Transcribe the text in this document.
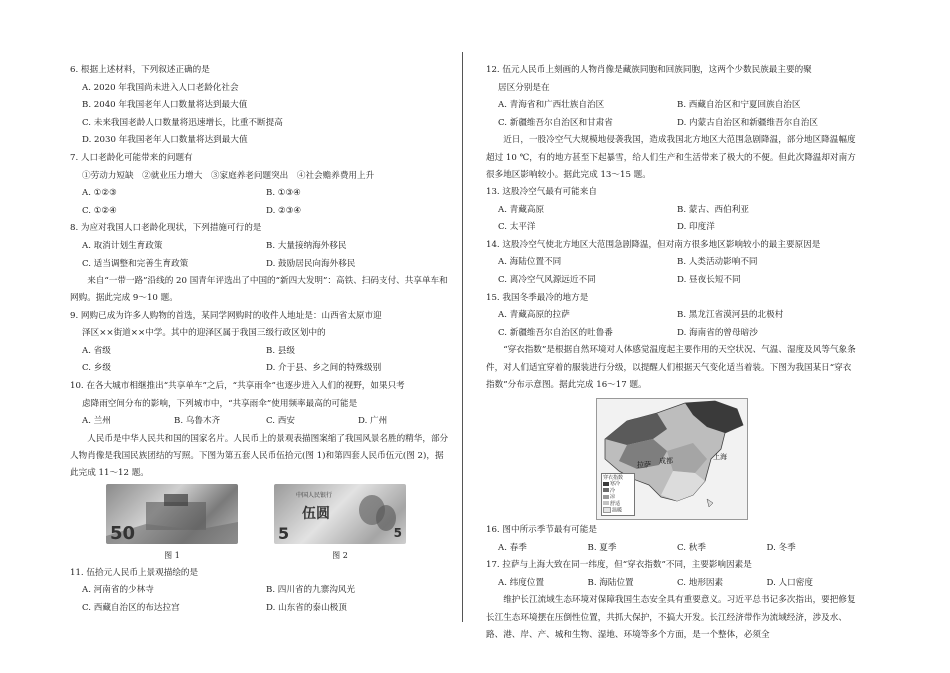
6. 根据上述材料，下列叙述正确的是

A. 2020 年我国尚未进入人口老龄化社会

B. 2040 年我国老年人口数量将达到最大值

C. 未来我国老龄人口数量将迅速增长，比重不断提高

D. 2030 年我国老年人口数量将达到最大值

7. 人口老龄化可能带来的问题有

①劳动力短缺　②就业压力增大　③家庭养老问题突出　④社会赡养费用上升

A. ①②③	B. ①③④
C. ①②④	D. ②③④

8. 为应对我国人口老龄化现状，下列措施可行的是

A. 取消计划生育政策	B. 大量接纳海外移民
C. 适当调整和完善生育政策	D. 鼓励居民向海外移民

来自“一带一路”沿线的 20 国青年评选出了中国的“新四大发明”：高铁、扫码支付、共享单车和网购。据此完成 9～10 题。

9. 网购已成为许多人购物的首选，某同学网购时的收件人地址是：山西省太原市迎

泽区××街道××中学。其中的迎泽区属于我国三级行政区划中的

A. 省级	B. 县级
C. 乡级	D. 介于县、乡之间的特殊级别

10. 在各大城市相继推出“共享单车”之后，“共享雨伞”也逐步进入人们的视野，如果只考

虑降雨空间分布的影响，下列城市中，“共享雨伞”使用频率最高的可能是

A. 兰州	B. 乌鲁木齐	C. 西安	D. 广州

人民币是中华人民共和国的国家名片。人民币上的景观表描图案缩了我国风景名胜的精华，部分人物肖像是我国民族团结的写照。下图为第五套人民币伍拾元(图 1)和第四套人民币伍元(图 2)，据此完成 11～12 题。

50
图 1
中国人民银行
伍圆
5	5
图 2

11. 伍拾元人民币上景观描绘的是

A. 河南省的少林寺	B. 四川省的九寨沟风光
C. 西藏自治区的布达拉宫	D. 山东省的泰山极顶

12. 伍元人民币上刻画的人物肖像是藏族同胞和回族同胞，这两个少数民族最主要的聚

居区分别是在

A. 青海省和广西壮族自治区	B. 西藏自治区和宁夏回族自治区
C. 新疆维吾尔自治区和甘肃省	D. 内蒙古自治区和新疆维吾尔自治区

近日，一股冷空气大规模地侵袭我国，造成我国北方地区大范围急剧降温，部分地区降温幅度超过 10 ℃，有的地方甚至下起暴雪，给人们生产和生活带来了极大的不便。但此次降温却对南方很多地区影响较小。据此完成 13～15 题。

13. 这股冷空气最有可能来自

A. 青藏高原	B. 蒙古、西伯利亚
C. 太平洋	D. 印度洋

14. 这股冷空气使北方地区大范围急剧降温，但对南方很多地区影响较小的最主要原因是

A. 海陆位置不同	B. 人类活动影响不同
C. 离冷空气风源远近不同	D. 昼夜长短不同

15. 我国冬季最冷的地方是

A. 青藏高原的拉萨	B. 黑龙江省漠河县的北极村
C. 新疆维吾尔自治区的吐鲁番	D. 海南省的曾母暗沙

“穿衣指数”是根据自然环境对人体感觉温度起主要作用的天空状况、气温、湿度及风等气象条件，对人们适宜穿着的服装进行分级，以提醒人们根据天气变化适当着装。下图为我国某日“穿衣指数”分布示意图。据此完成 16～17 题。

拉萨 成都	上海
穿衣指数
寒冷
冷
凉
舒适
温暖

16. 图中所示季节最有可能是

A. 春季	B. 夏季	C. 秋季	D. 冬季

17. 拉萨与上海大致在同一纬度，但“穿衣指数”不同，主要影响因素是

A. 纬度位置	B. 海陆位置	C. 地形因素	D. 人口密度

维护长江流域生态环境对保障我国生态安全具有重要意义。习近平总书记多次指出，要把修复长江生态环境摆在压倒性位置，共抓大保护，不搞大开发。长江经济带作为流域经济，涉及水、路、港、岸、产、城和生物、湿地、环境等多个方面，是一个整体，必须全
